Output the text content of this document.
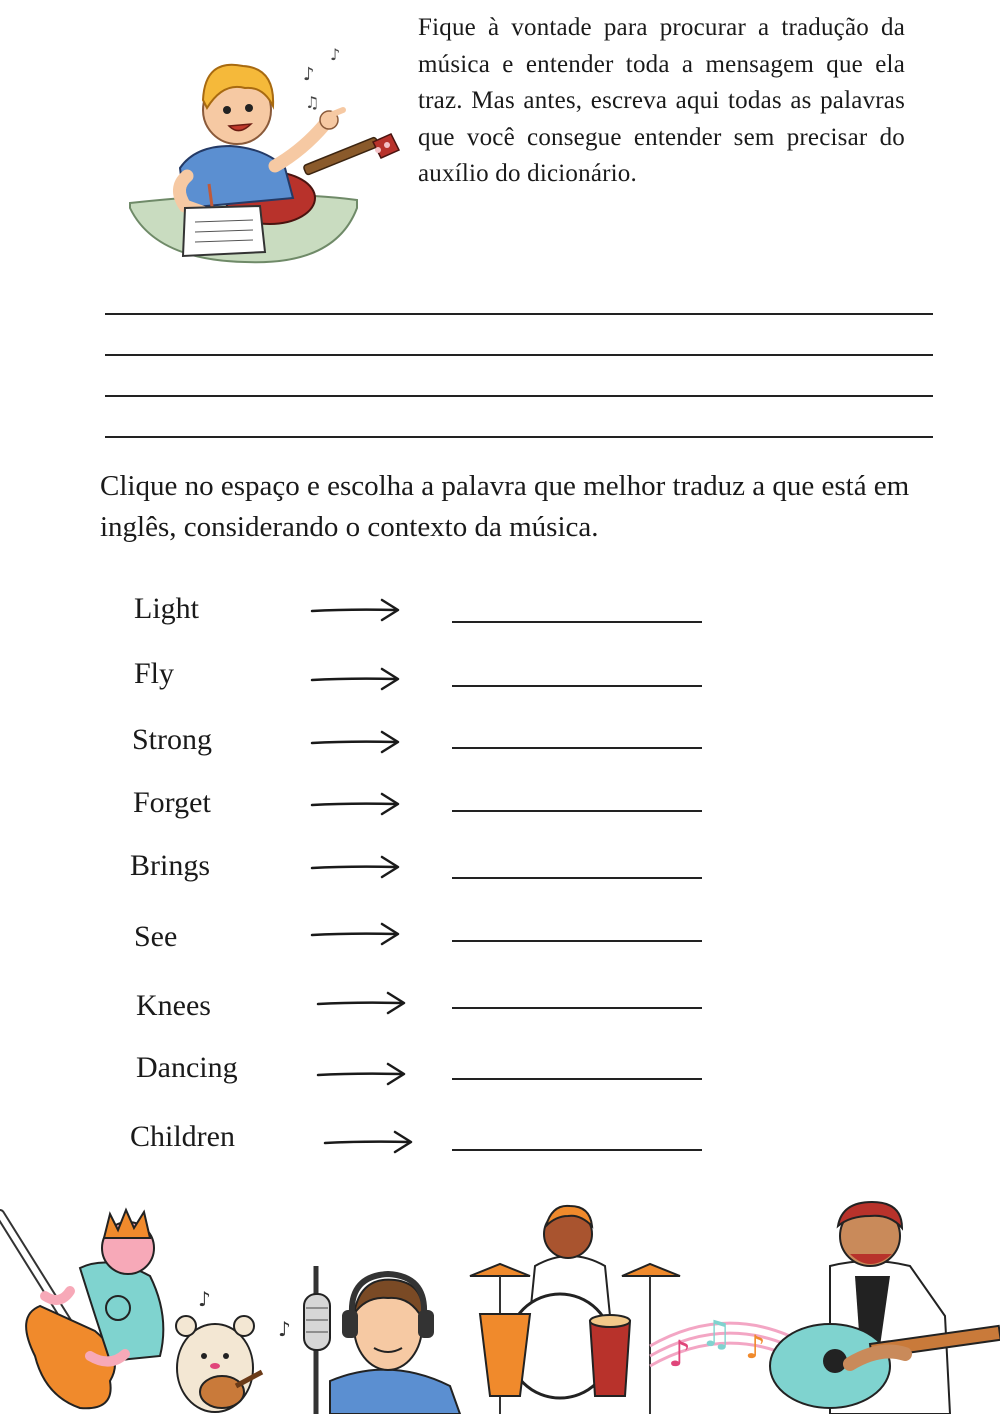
♪
♪
♫
Fique à vontade para procurar a tradução da música e entender toda a mensagem que ela traz. Mas antes, escreva aqui todas as palavras que você consegue entender sem precisar do auxílio do dicionário.
Clique no espaço e escolha a palavra que melhor traduz a que está em inglês, considerando o contexto da música.
Light
Fly
Strong
Forget
Brings
See
Knees
Dancing
Children
♪
♪
♪ ♫ ♪
